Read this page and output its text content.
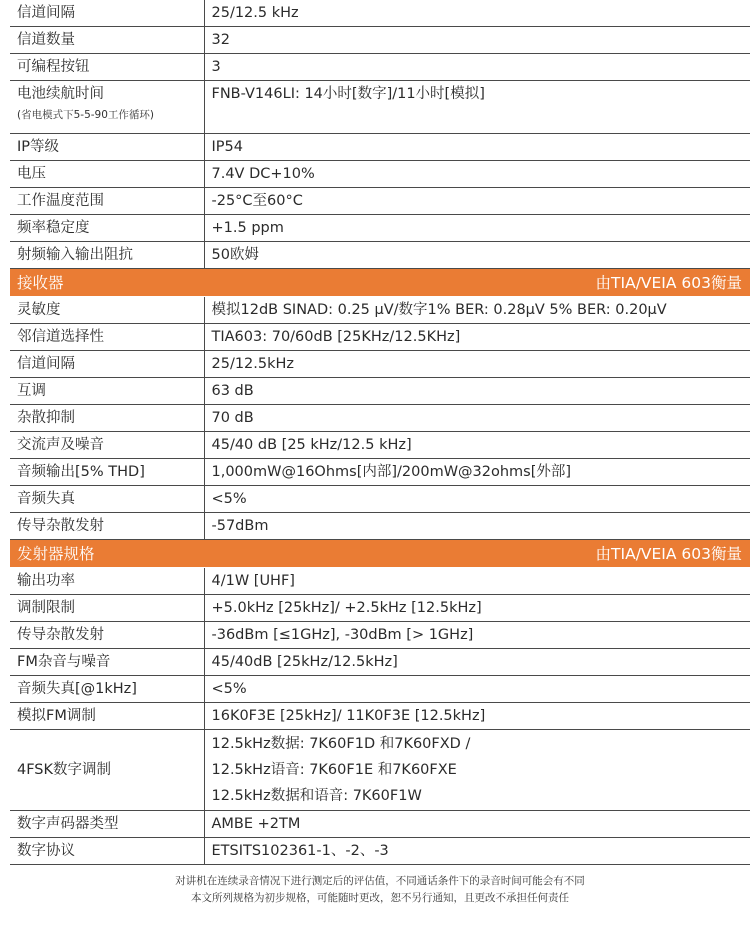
信道间隔	25/12.5 kHz
信道数量	32
可编程按钮	3

电池续航时间
(省电模式下5-5-90工作循环)	FNB-V146LI: 14小时[数字]/11小时[模拟]
IP等级	IP54
电压	7.4V DC+10%
工作温度范围	-25°C至60°C
频率稳定度	+1.5 ppm
射频输入输出阻抗	50欧姆

接收器 由TIA/VEIA 603衡量	

灵敏度	模拟12dB SINAD: 0.25 μV/数字1% BER: 0.28μV 5% BER: 0.20μV
邻信道选择性	TIA603: 70/60dB [25KHz/12.5KHz]
信道间隔	25/12.5kHz
互调	63 dB
杂散抑制	70 dB
交流声及噪音	45/40 dB [25 kHz/12.5 kHz]
音频输出[5% THD]	1,000mW@16Ohms[内部]/200mW@32ohms[外部]
音频失真	<5%
传导杂散发射	-57dBm

发射器规格 由TIA/VEIA 603衡量	

输出功率	4/1W [UHF]
调制限制	+5.0kHz [25kHz]/ +2.5kHz [12.5kHz]
传导杂散发射	-36dBm [≤1GHz], -30dBm [> 1GHz]
FM杂音与噪音	45/40dB [25kHz/12.5kHz]
音频失真[@1kHz]	<5%
模拟FM调制	16K0F3E [25kHz]/ 11K0F3E [12.5kHz]
4FSK数字调制	12.5kHz数据: 7K60F1D 和7K60FXD /
12.5kHz语音: 7K60F1E 和7K60FXE
12.5kHz数据和语音: 7K60F1W

数字声码器类型	AMBE +2TM
数字协议	ETSITS102361-1、-2、-3
对讲机在连续录音情况下进行测定后的评估值，不同通话条件下的录音时间可能会有不同
本文所列规格为初步规格，可能随时更改，恕不另行通知，且更改不承担任何责任
